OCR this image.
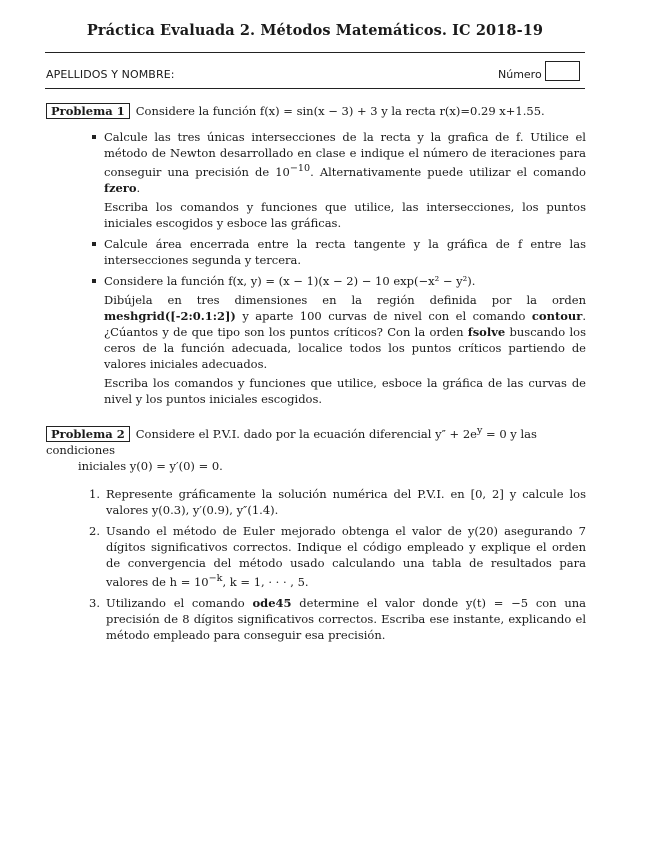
Práctica Evaluada 2. Métodos Matemáticos. IC 2018-19
APELLIDOS Y NOMBRE:	Número
Problema 1 Considere la función f(x) = sin(x − 3) + 3 y la recta r(x)=0.29 x+1.55.
Calcule las tres únicas intersecciones de la recta y la grafica de f. Utilice el método de Newton desarrollado en clase e indique el número de iteraciones para conseguir una precisión de $10^{-10}$. Alternativamente puede utilizar el comando fzero.
Escriba los comandos y funciones que utilice, las intersecciones, los puntos iniciales escogidos y esboce las gráficas.
Calcule área encerrada entre la recta tangente y la gráfica de f entre las intersecciones segunda y tercera.
Considere la función f(x, y) = (x − 1)(x − 2) − 10 exp(−x² − y²).
Dibújela en tres dimensiones en la región definida por la orden meshgrid([-2:0.1:2]) y aparte 100 curvas de nivel con el comando contour. ¿Cúantos y de que tipo son los puntos críticos? Con la orden fsolve buscando los ceros de la función adecuada, localice todos los puntos críticos partiendo de valores iniciales adecuados.
Escriba los comandos y funciones que utilice, esboce la gráfica de las curvas de nivel y los puntos iniciales escogidos.
Problema 2 Considere el P.V.I. dado por la ecuación diferencial $y'' + 2e^y = 0$ y las condiciones
iniciales y(0) = y′(0) = 0.
1. Represente gráficamente la solución numérica del P.V.I. en [0, 2] y calcule los valores y(0.3), y′(0.9), y″(1.4).
2. Usando el método de Euler mejorado obtenga el valor de y(20) asegurando 7 dígitos significativos correctos. Indique el código empleado y explique el orden de convergencia del método usado calculando una tabla de resultados para valores de $h = 10^{-k}$, k = 1, · · · , 5.
3. Utilizando el comando ode45 determine el valor donde y(t) = −5 con una precisión de 8 dígitos significativos correctos. Escriba ese instante, explicando el método empleado para conseguir esa precisión.
